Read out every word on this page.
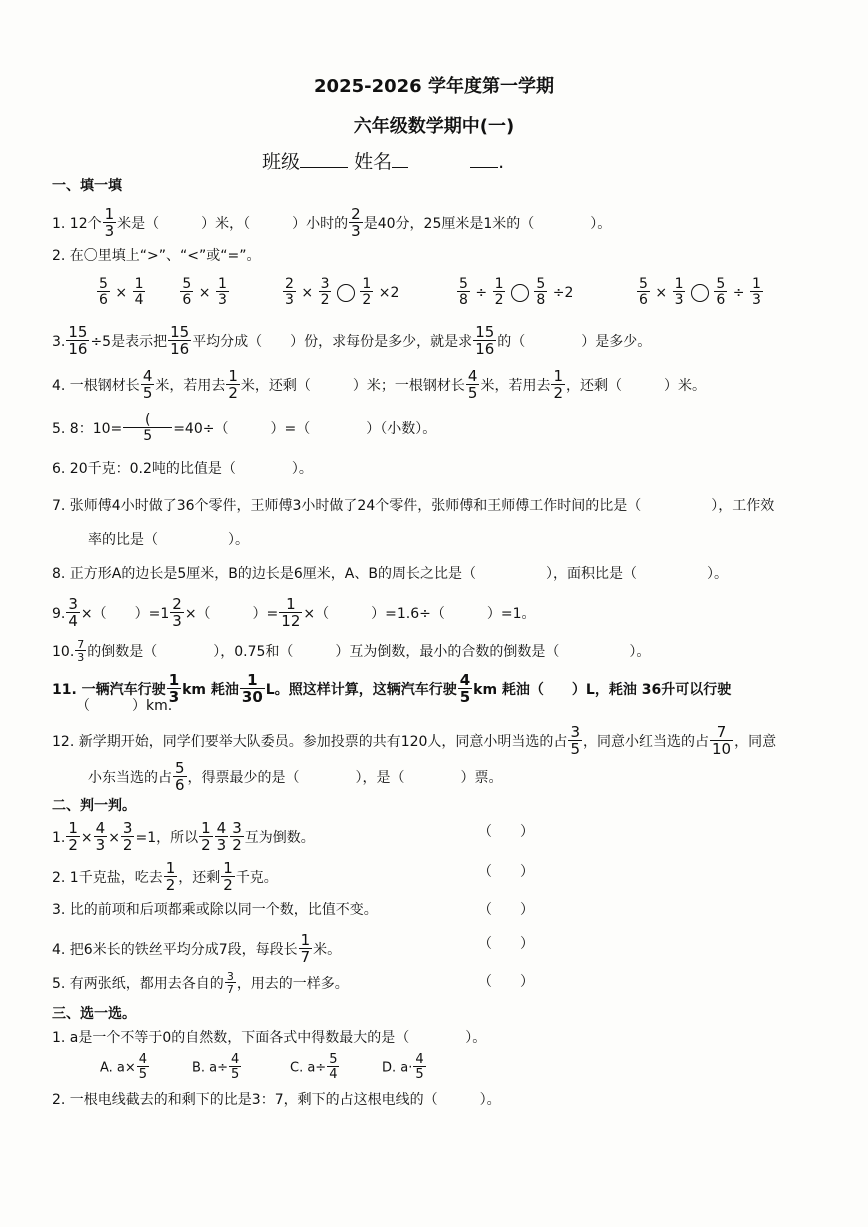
2025-2026 学年度第一学期
六年级数学期中(一)
班级	姓名	.
一、填一填
1. 12个 $\frac{1}{3}$ 米是（　　　）米，（　　　）小时的 $\frac{2}{3}$ 是40分，25厘米是1米的（　　　　）。
2. 在〇里填上“>”、“<”或“=”。
$\frac{5}{6} \times \frac{1}{4}$
$\frac{5}{6} \times \frac{1}{3}$	$\frac{2}{3} \times \frac{3}{2}$
$\frac{1}{2} \times 2$	$\frac{5}{8} \div \frac{1}{2}$
$\frac{5}{8} \div 2$	$\frac{5}{6} \times \frac{1}{3}$
$\frac{5}{6} \div \frac{1}{3}$
3. $\frac{15}{16} \div 5$是表示把 $\frac{15}{16}$ 平均分成（　　）份，求每份是多少，就是求 $\frac{15}{16}$ 的（　　　　）是多少。
4. 一根钢材长 $\frac{4}{5}$ 米，若用去 $\frac{1}{2}$ 米，还剩（　　　）米；一根钢材长 $\frac{4}{5}$ 米，若用去 $\frac{1}{2}$ ，还剩（　　　）米。
5. 8：10=
(
5	=40÷（　　　）=（　　　　）（小数）。
6. 20千克：0.2吨的比值是（　　　　）。
7. 张师傅4小时做了36个零件，王师傅3小时做了24个零件，张师傅和王师傅工作时间的比是（　　　　　），工作效
率的比是（　　　　　）。
8. 正方形A的边长是5厘米，B的边长是6厘米，A、B的周长之比是（　　　　　），面积比是（　　　　　）。
9. $\frac{3}{4}$ ×（　　）$=1 \frac{2}{3}$ ×（　　　）= $\frac{1}{12}$ ×（　　　）=1.6÷（　　　）=1。
10. $\frac{7}{3}$ 的倒数是（　　　　），0.75和（　　　）互为倒数，最小的合数的倒数是（　　　　　）。
11. 一辆汽车行驶 $\frac{1}{3}$ km 耗油 $\frac{1}{30}$ L。照这样计算，这辆汽车行驶 $\frac{4}{5}$ km 耗油（　　）L，耗油 36升可以行驶
（　　　）km.
12. 新学期开始，同学们要举大队委员。参加投票的共有120人，同意小明当选的占 $\frac{3}{5}$ ，同意小红当选的占 $\frac{7}{10}$ ，同意
小东当选的占 $\frac{5}{6}$ ，得票最少的是（　　　　），是（　　　　）票。
二、判一判。
1. $\frac{1}{2} \times \frac{4}{3} \times \frac{3}{2} =1$，所以 $\frac{1}{2} \frac{4}{3} \frac{3}{2}$ 互为倒数。	（　　）
2. 1千克盐，吃去 $\frac{1}{2}$ ，还剩 $\frac{1}{2}$ 千克。	（　　）
3. 比的前项和后项都乘或除以同一个数，比值不变。	（　　）
4. 把6米长的铁丝平均分成7段，每段长 $\frac{1}{7}$ 米。	（　　）
5. 有两张纸，都用去各自的 $\frac{3}{7}$ ，用去的一样多。	（　　）
三、选一选。
1. a是一个不等于0的自然数，下面各式中得数最大的是（　　　　）。
A. $a\times \frac{4}{5}$	B. $a\div \frac{4}{5}$	C. $a\div \frac{5}{4}$	D. $a\cdot \frac{4}{5}$
2. 一根电线截去的和剩下的比是3：7，剩下的占这根电线的（　　　）。
